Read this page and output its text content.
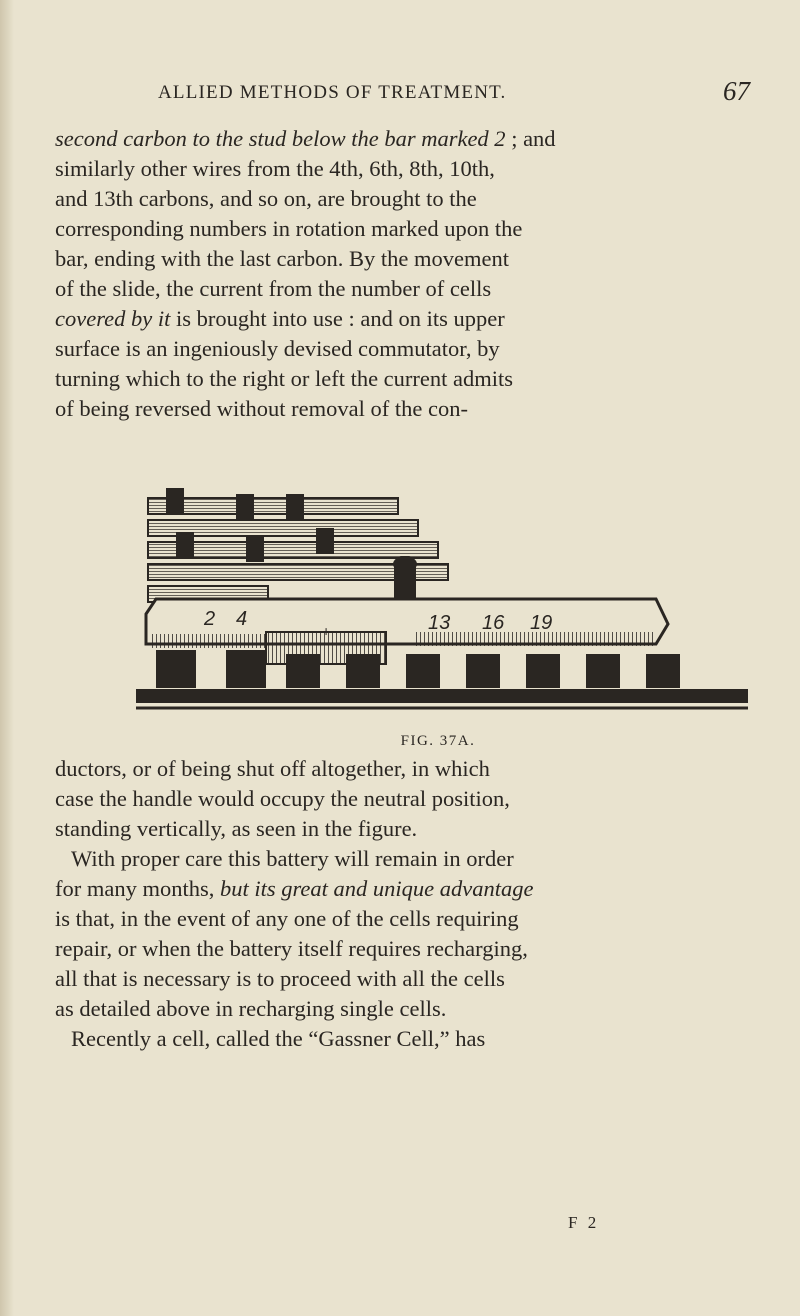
ALLIED METHODS OF TREATMENT.	67
second carbon to the stud below the bar marked 2 ; and
similarly other wires from the 4th, 6th, 8th, 10th,
and 13th carbons, and so on, are brought to the
corresponding numbers in rotation marked upon the
bar, ending with the last carbon. By the movement
of the slide, the current from the number of cells
covered by it is brought into use : and on its upper
surface is an ingeniously devised commutator, by
turning which to the right or left the current admits
of being reversed without removal of the con-
2 4
+	13 16 19
FIG. 37A.
ductors, or of being shut off altogether, in which
case the handle would occupy the neutral position,
standing vertically, as seen in the figure.
With proper care this battery will remain in order
for many months, but its great and unique advantage
is that, in the event of any one of the cells requiring
repair, or when the battery itself requires recharging,
all that is necessary is to proceed with all the cells
as detailed above in recharging single cells.
Recently a cell, called the “Gassner Cell,” has
F 2
